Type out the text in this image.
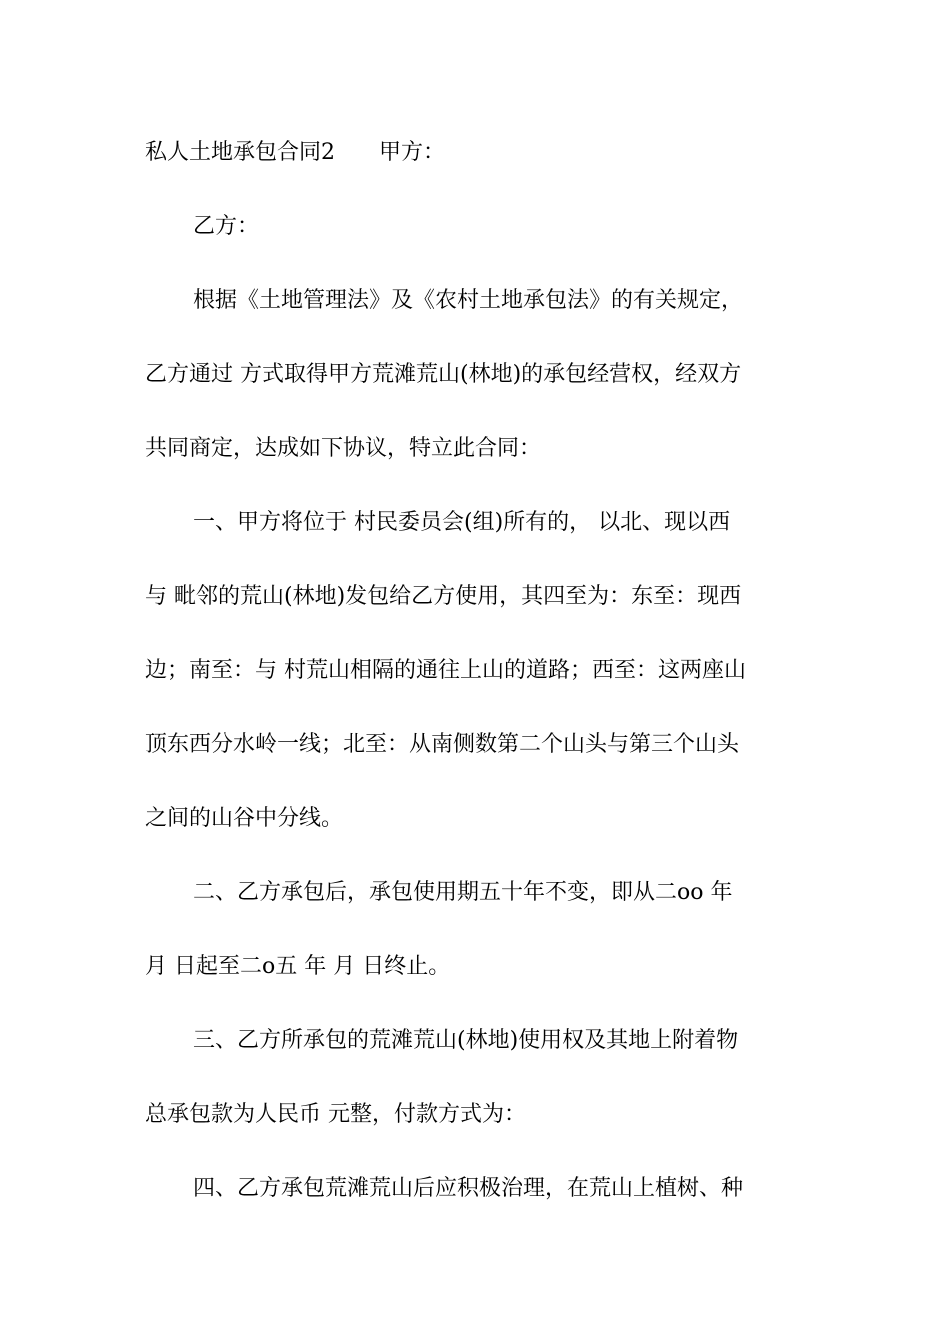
私人土地承包合同2　　甲方：
乙方：
根据《土地管理法》及《农村土地承包法》的有关规定，
乙方通过 方式取得甲方荒滩荒山(林地)的承包经营权，经双方
共同商定，达成如下协议，特立此合同：
一、甲方将位于 村民委员会(组)所有的， 以北、现以西
与 毗邻的荒山(林地)发包给乙方使用，其四至为：东至：现西
边；南至：与 村荒山相隔的通往上山的道路；西至：这两座山
顶东西分水岭一线；北至：从南侧数第二个山头与第三个山头
之间的山谷中分线。
二、乙方承包后，承包使用期五十年不变，即从二oo 年
月 日起至二o五 年 月 日终止。
三、乙方所承包的荒滩荒山(林地)使用权及其地上附着物
总承包款为人民币 元整，付款方式为：
四、乙方承包荒滩荒山后应积极治理，在荒山上植树、种
